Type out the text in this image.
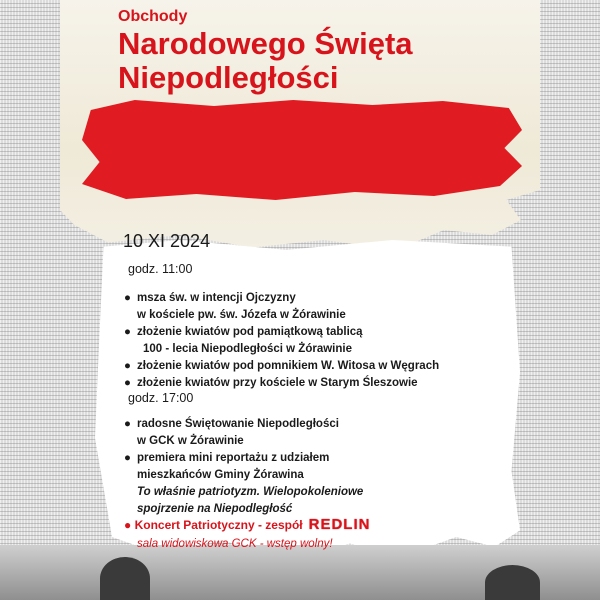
Obchody

Narodowego Święta

Niepodległości

10 XI 2024

godz. 11:00

● msza św. w intencji Ojczyzny
w kościele pw. św. Józefa w Żórawinie
● złożenie kwiatów pod pamiątkową tablicą
100 - lecia Niepodległości w Żórawinie
● złożenie kwiatów pod pomnikiem W. Witosa w Węgrach
● złożenie kwiatów przy kościele w Starym Śleszowie

godz. 17:00

● radosne Świętowanie Niepodległości
w GCK w Żórawinie
● premiera mini reportażu z udziałem
mieszkańców Gminy Żórawina
To właśnie patriotyzm. Wielopokoleniowe
spojrzenie na Niepodległość

● Koncert Patriotyczny - zespół REDLIN

sala widowiskowa GCK - wstęp wolny!
